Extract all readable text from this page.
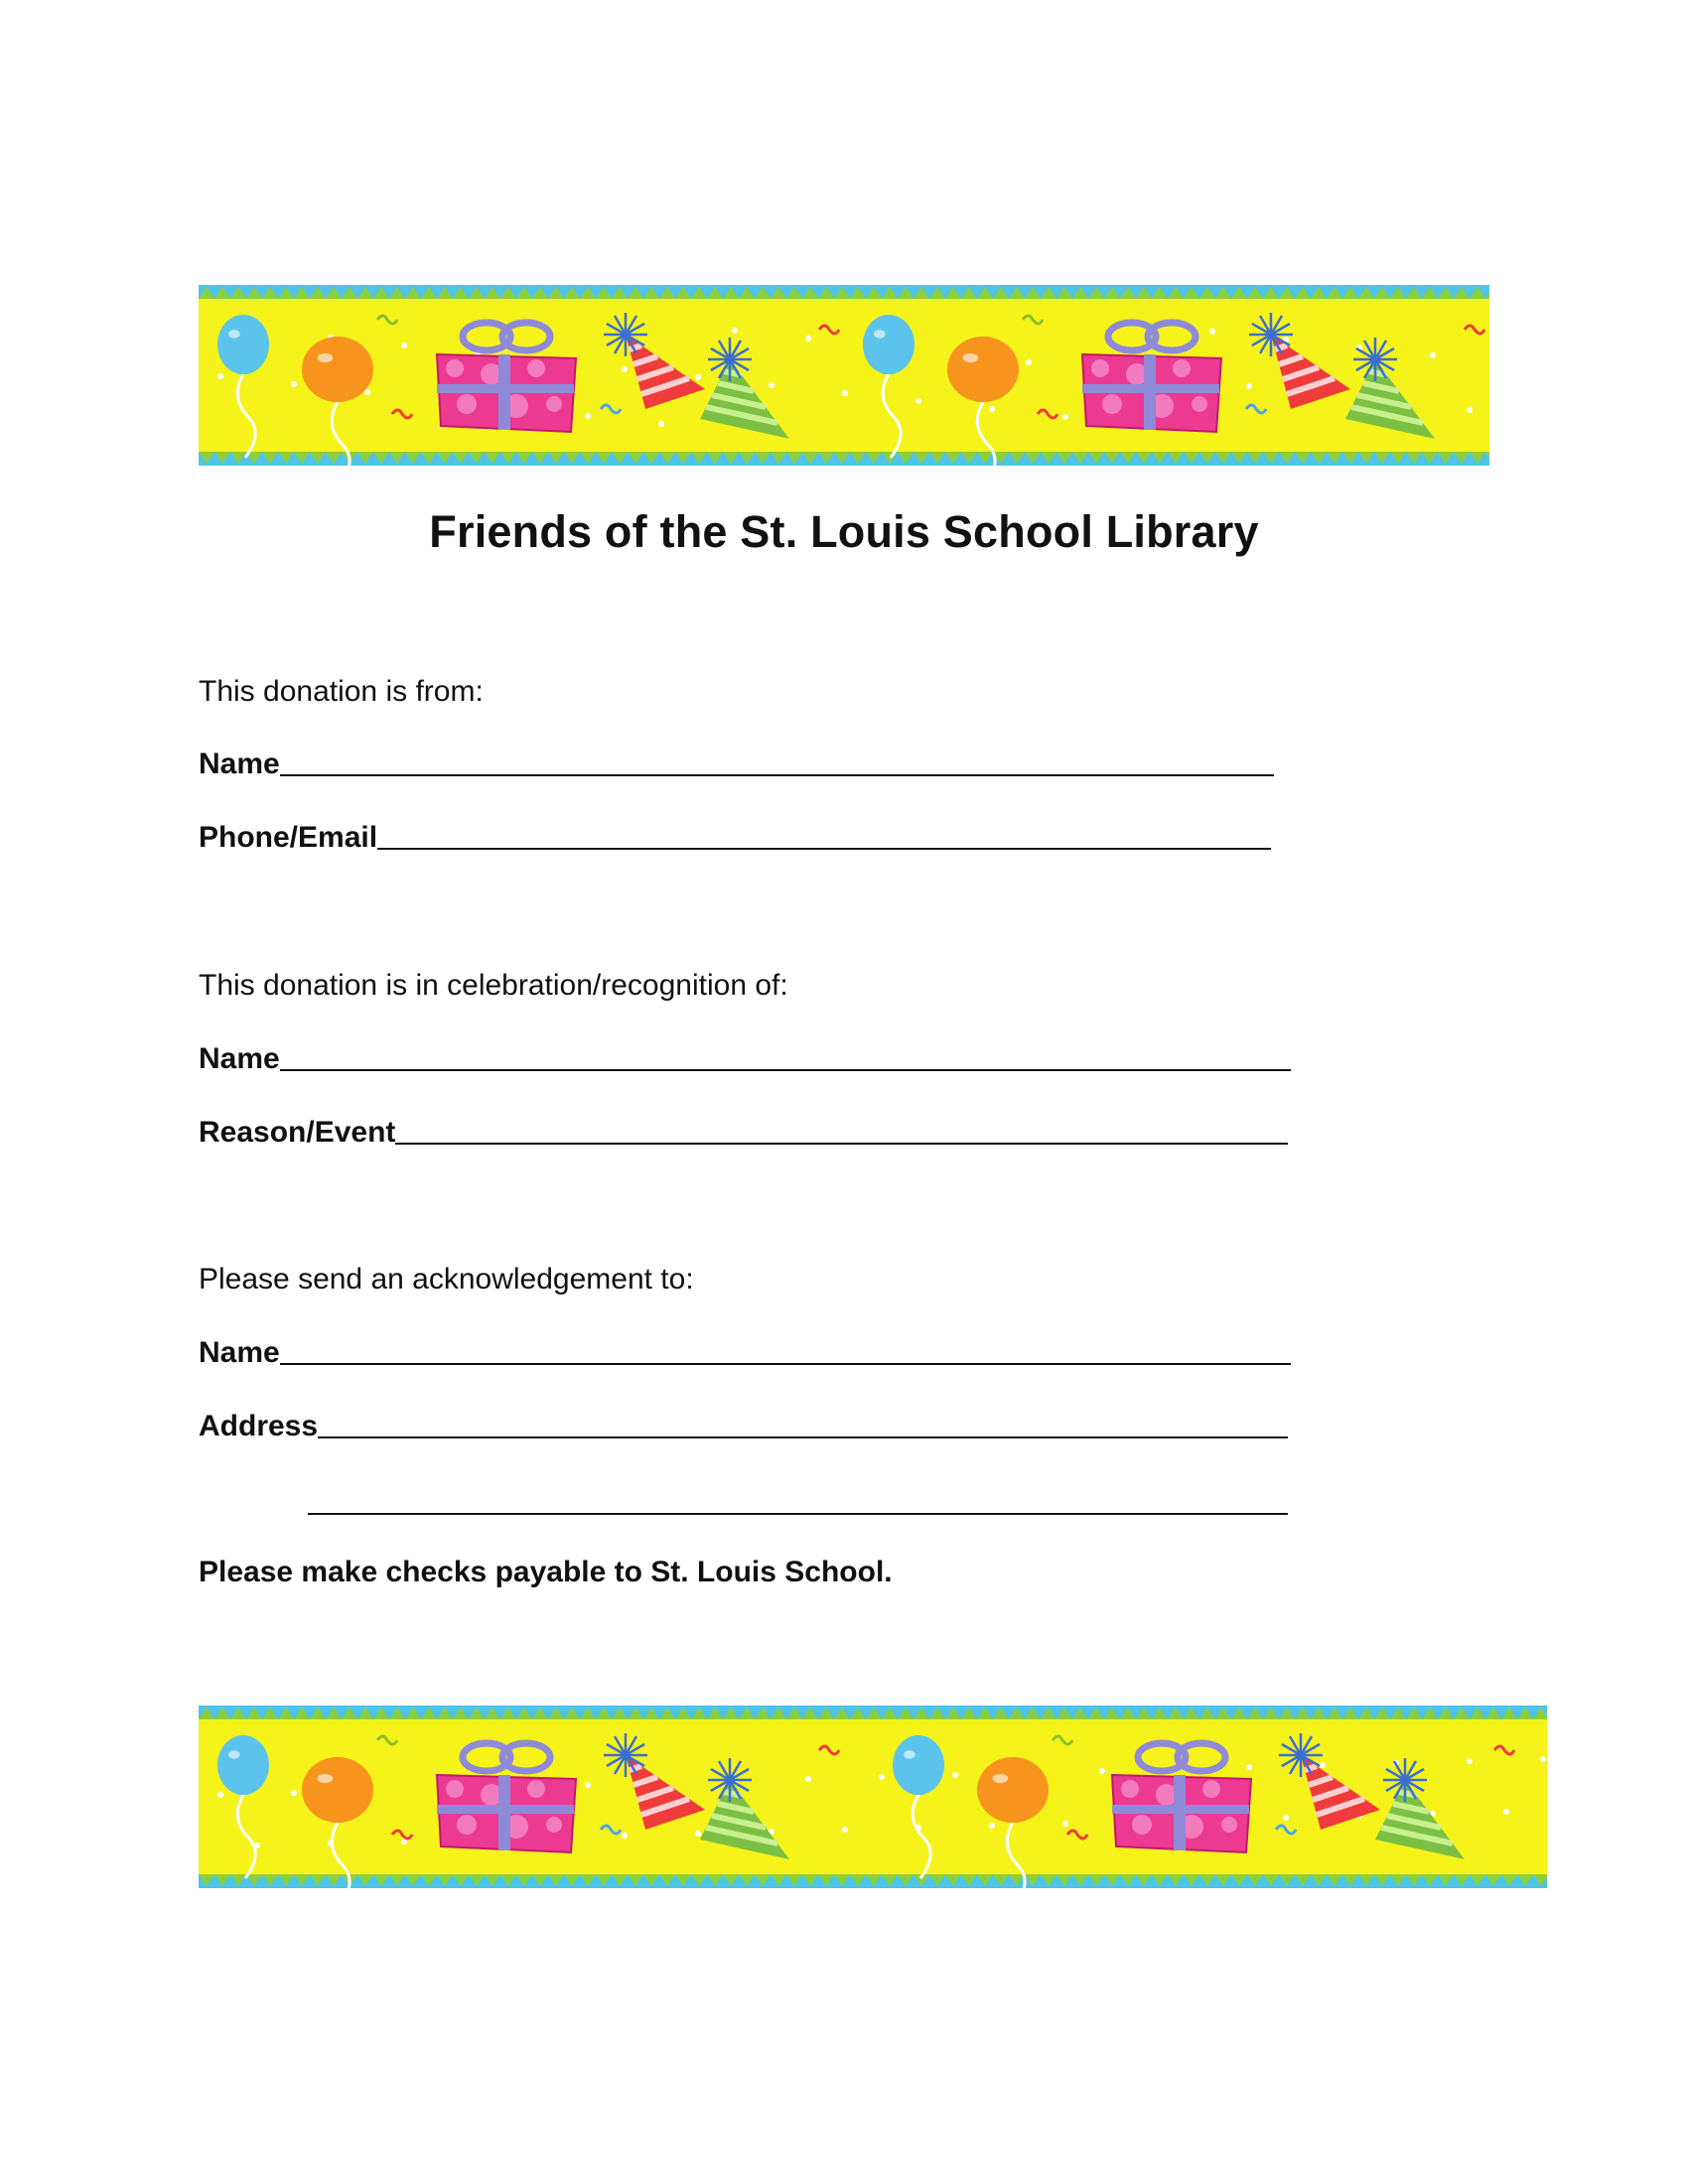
Friends of the St. Louis School Library
This donation is from:
Name
Phone/Email
This donation is in celebration/recognition of:
Name
Reason/Event
Please send an acknowledgement to:
Name
Address
Please make checks payable to St. Louis School.
